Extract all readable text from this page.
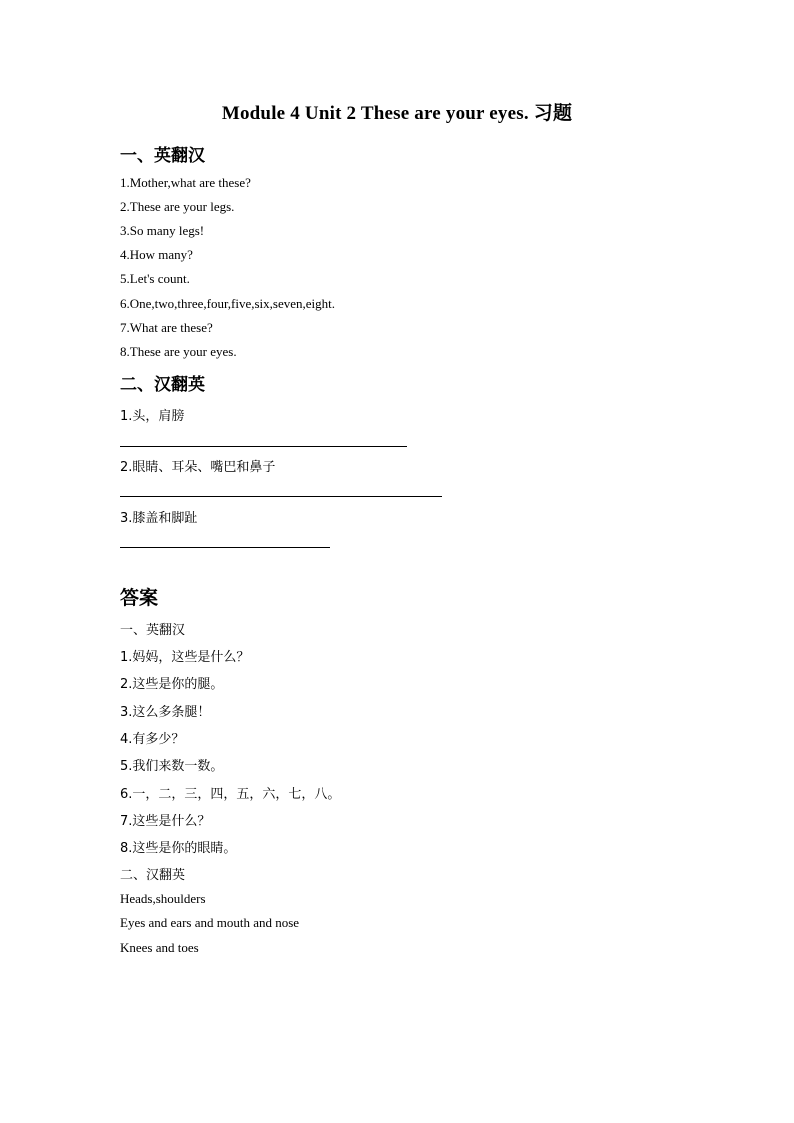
Module 4 Unit 2 These are your eyes. 习题
一、英翻汉
1.Mother,what are these?
2.These are your legs.
3.So many legs!
4.How many?
5.Let's count.
6.One,two,three,four,five,six,seven,eight.
7.What are these?
8.These are your eyes.
二、汉翻英
1.头，肩膀
2.眼睛、耳朵、嘴巴和鼻子
3.膝盖和脚趾
答案
一、英翻汉
1.妈妈，这些是什么？
2.这些是你的腿。
3.这么多条腿！
4.有多少？
5.我们来数一数。
6.一，二，三，四，五，六，七，八。
7.这些是什么？
8.这些是你的眼睛。
二、汉翻英
Heads,shoulders
Eyes and ears and mouth and nose
Knees and toes
